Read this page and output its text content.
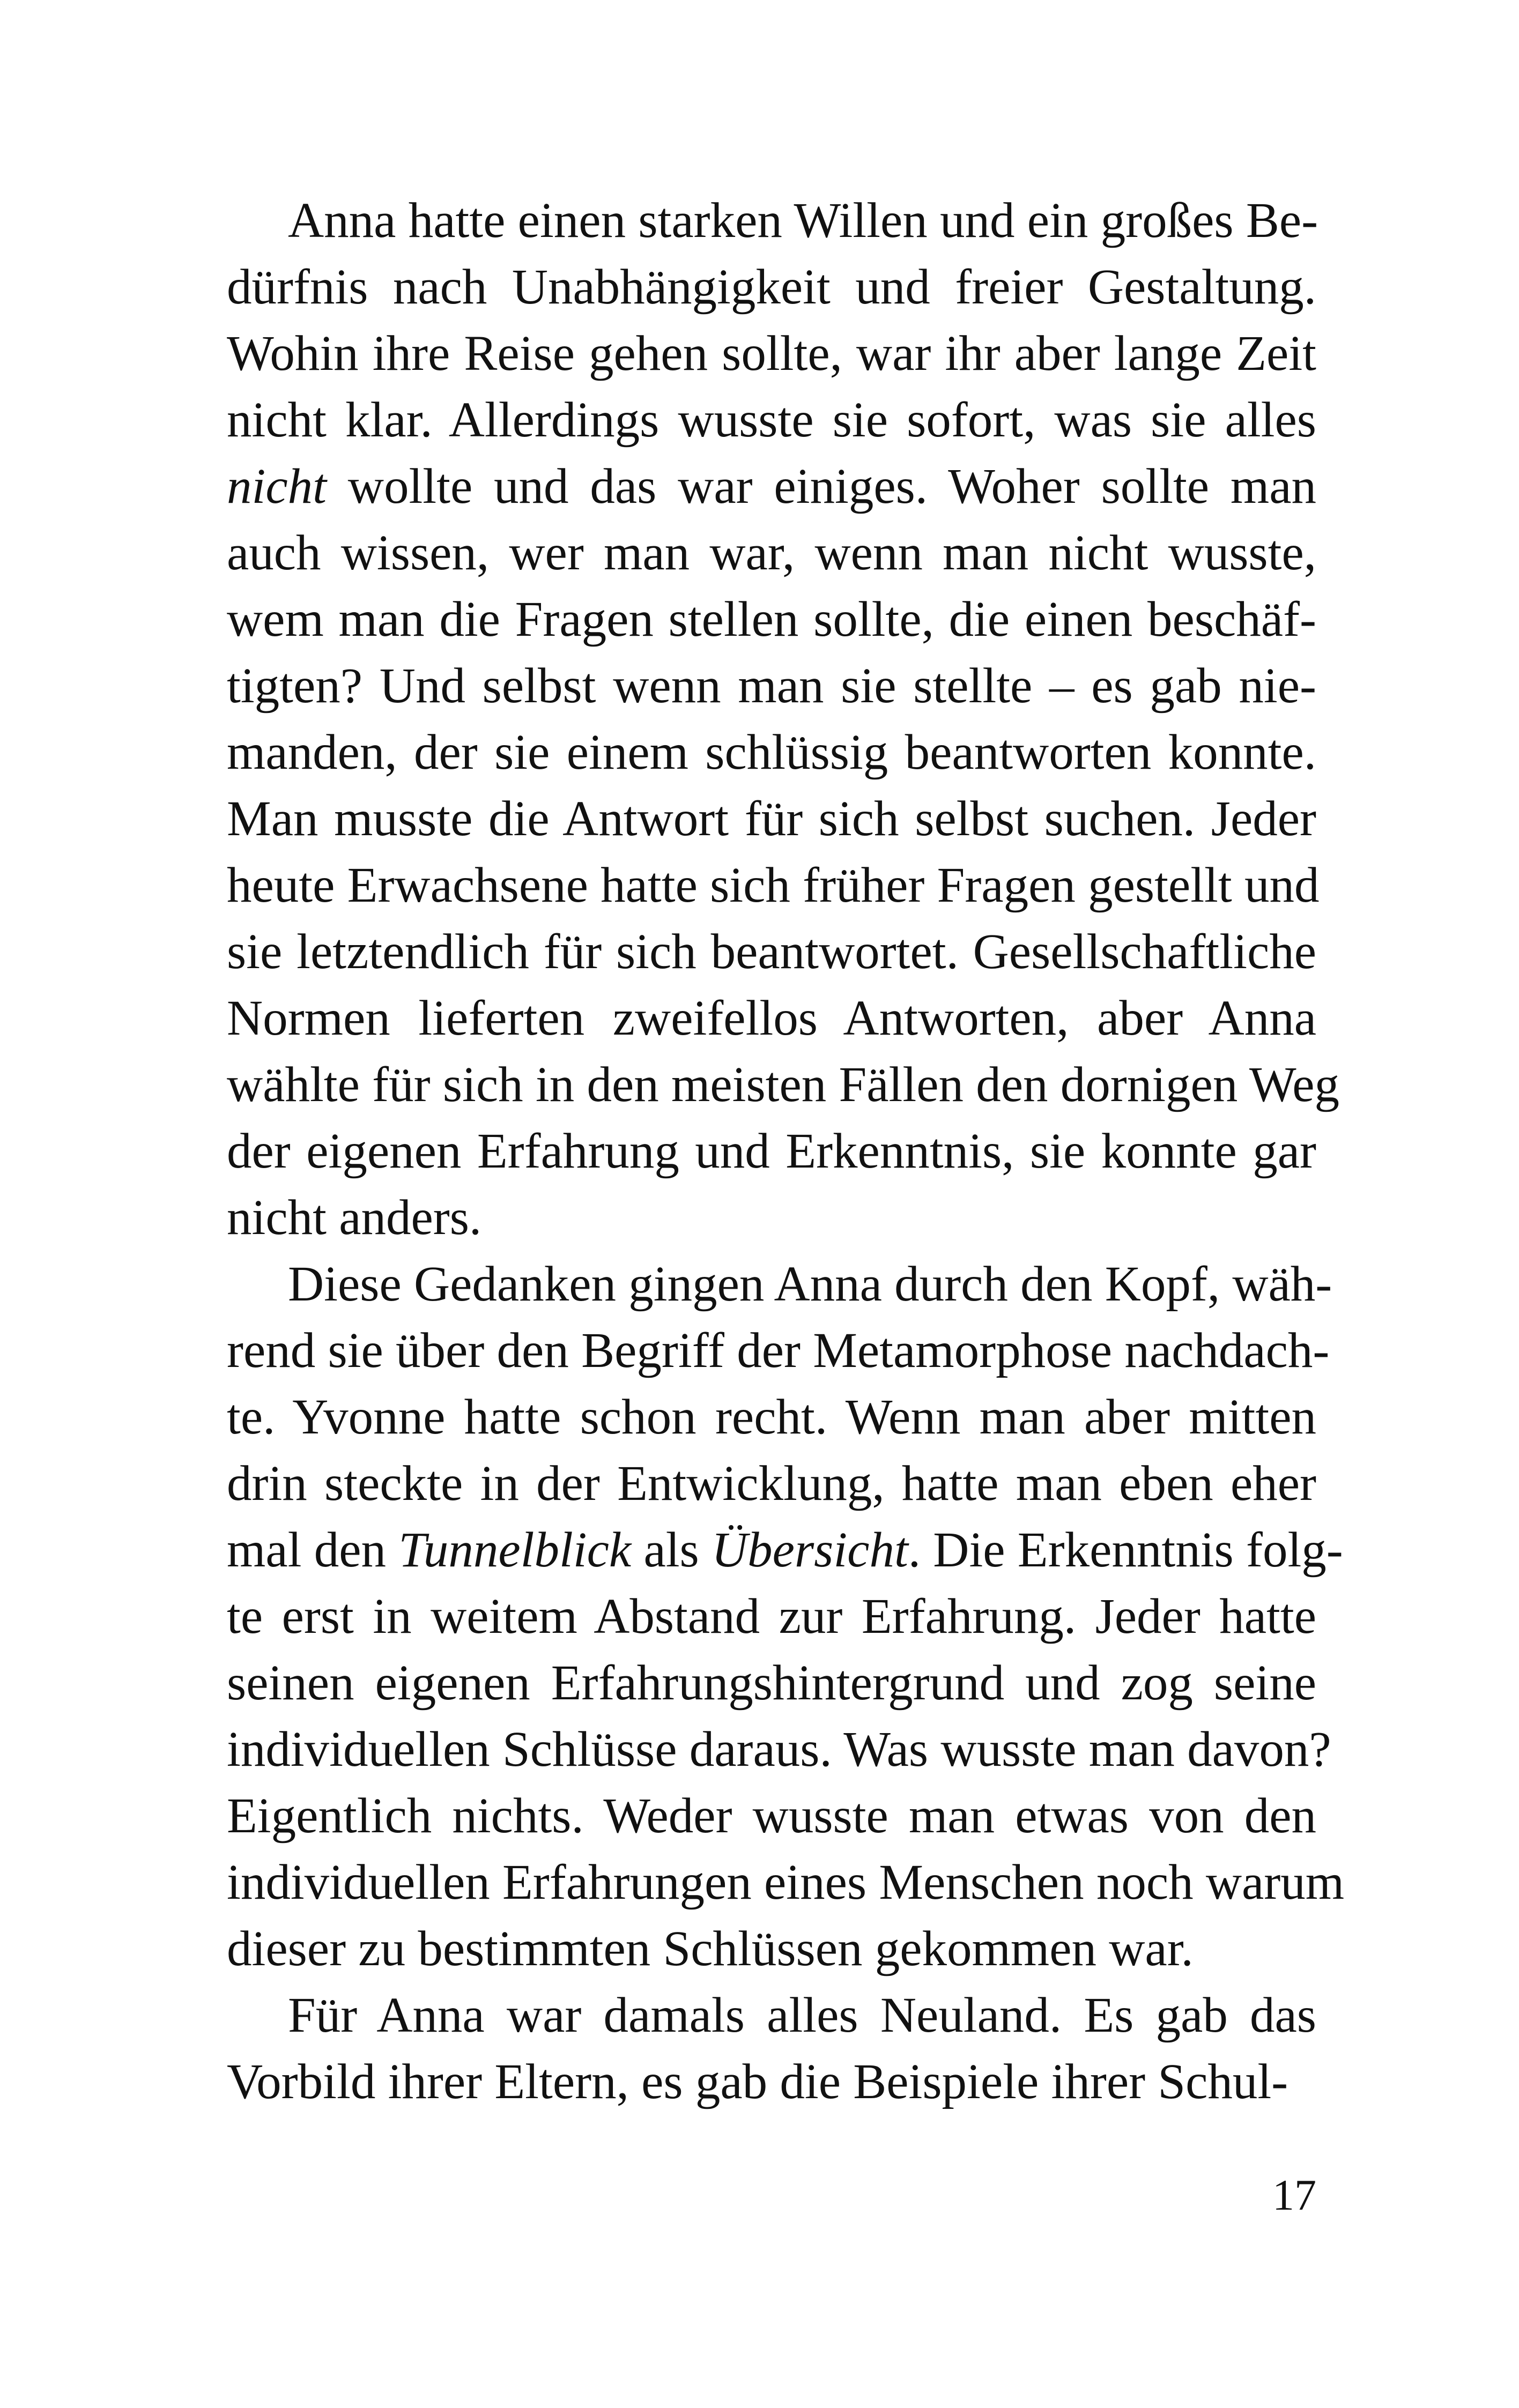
Anna hatte einen starken Willen und ein großes Be-
dürfnis nach Unabhängigkeit und freier Gestaltung.
Wohin ihre Reise gehen sollte, war ihr aber lange Zeit
nicht klar. Allerdings wusste sie sofort, was sie alles
nicht wollte und das war einiges. Woher sollte man
auch wissen, wer man war, wenn man nicht wusste,
wem man die Fragen stellen sollte, die einen beschäf-
tigten? Und selbst wenn man sie stellte – es gab nie-
manden, der sie einem schlüssig beantworten konnte.
Man musste die Antwort für sich selbst suchen. Jeder
heute Erwachsene hatte sich früher Fragen gestellt und
sie letztendlich für sich beantwortet. Gesellschaftliche
Normen lieferten zweifellos Antworten, aber Anna
wählte für sich in den meisten Fällen den dornigen Weg
der eigenen Erfahrung und Erkenntnis, sie konnte gar
nicht anders.
Diese Gedanken gingen Anna durch den Kopf, wäh-
rend sie über den Begriff der Metamorphose nachdach-
te. Yvonne hatte schon recht. Wenn man aber mitten
drin steckte in der Entwicklung, hatte man eben eher
mal den Tunnelblick als Übersicht. Die Erkenntnis folg-
te erst in weitem Abstand zur Erfahrung. Jeder hatte
seinen eigenen Erfahrungshintergrund und zog seine
individuellen Schlüsse daraus. Was wusste man davon?
Eigentlich nichts. Weder wusste man etwas von den
individuellen Erfahrungen eines Menschen noch warum
dieser zu bestimmten Schlüssen gekommen war.
Für Anna war damals alles Neuland. Es gab das
Vorbild ihrer Eltern, es gab die Beispiele ihrer Schul-
17
